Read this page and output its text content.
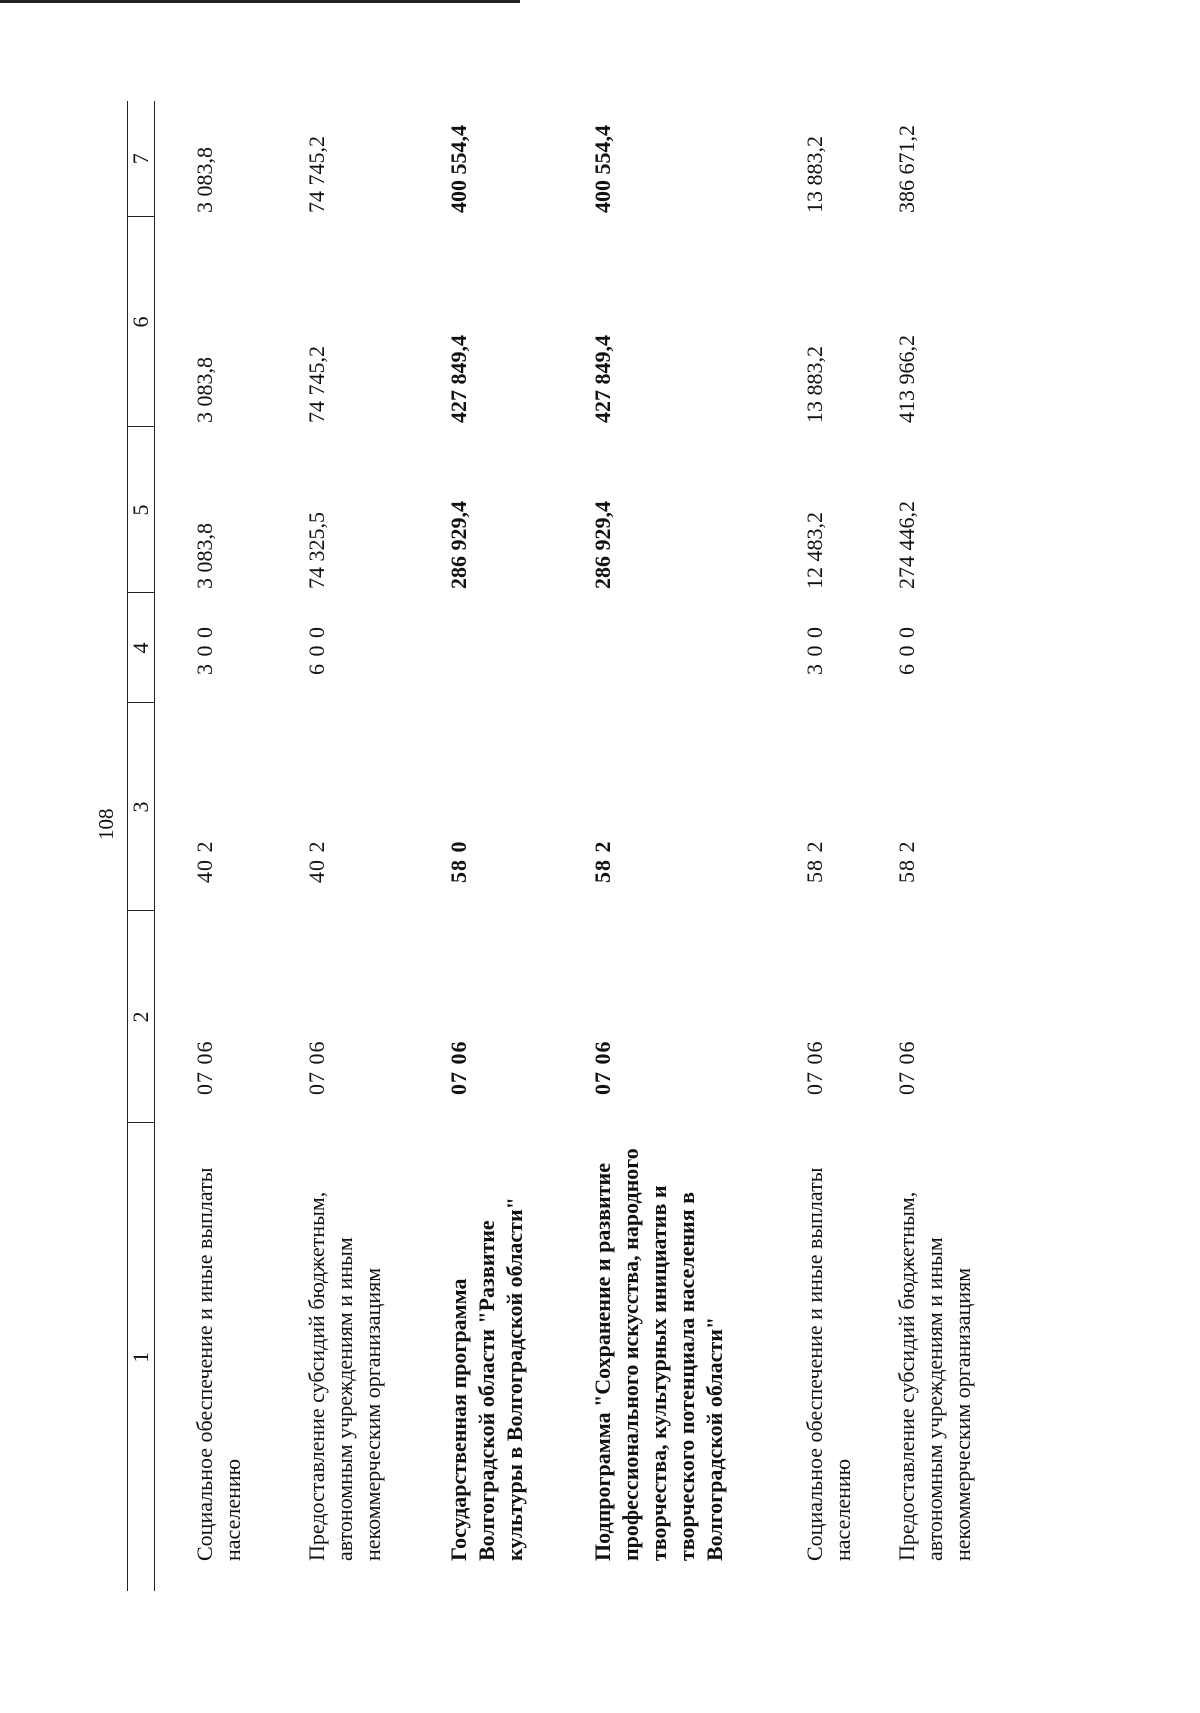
108
1	2	3	4	5	6	7
Социальное обеспечение и иные выплаты населению	07 06	40 2	3 0 0	3 083,8	3 083,8	3 083,8
Предоставление субсидий бюджетным, автономным учреждениям и иным некоммерческим организациям	07 06	40 2	6 0 0	74 325,5	74 745,2	74 745,2
Государственная программа Волгоградской области "Развитие культуры в Волгоградской области"	07 06	58 0		286 929,4	427 849,4	400 554,4
Подпрограмма "Сохранение и развитие профессионального искусства, народного творчества, культурных инициатив и творческого потенциала населения в Волгоградской области"	07 06	58 2		286 929,4	427 849,4	400 554,4
Социальное обеспечение и иные выплаты населению	07 06	58 2	3 0 0	12 483,2	13 883,2	13 883,2
Предоставление субсидий бюджетным, автономным учреждениям и иным некоммерческим организациям	07 06	58 2	6 0 0	274 446,2	413 966,2	386 671,2
